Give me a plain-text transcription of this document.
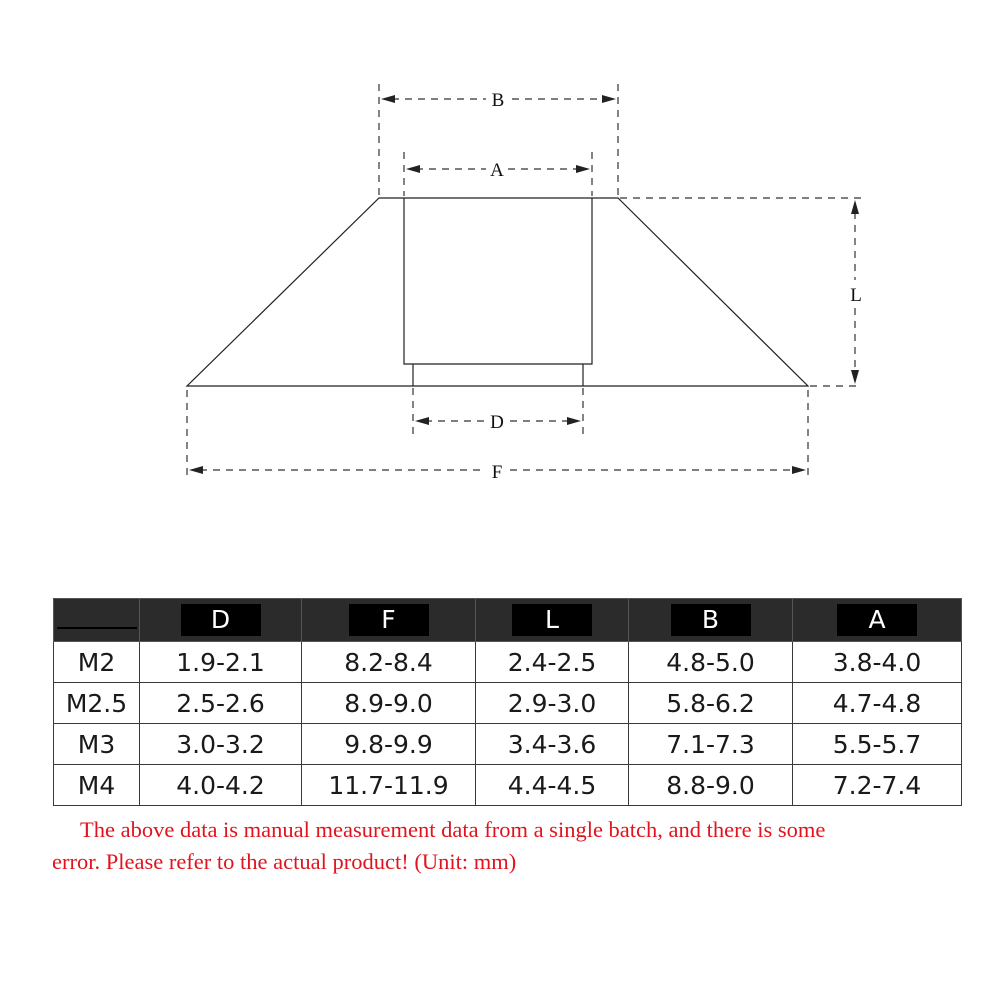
B
A
D
F
L
	D	F	L	B	A
M2	1.9-2.1	8.2-8.4	2.4-2.5	4.8-5.0	3.8-4.0
M2.5	2.5-2.6	8.9-9.0	2.9-3.0	5.8-6.2	4.7-4.8
M3	3.0-3.2	9.8-9.9	3.4-3.6	7.1-7.3	5.5-5.7
M4	4.0-4.2	11.7-11.9	4.4-4.5	8.8-9.0	7.2-7.4
The above data is manual measurement data from a single batch, and there is some
error. Please refer to the actual product! (Unit: mm)
